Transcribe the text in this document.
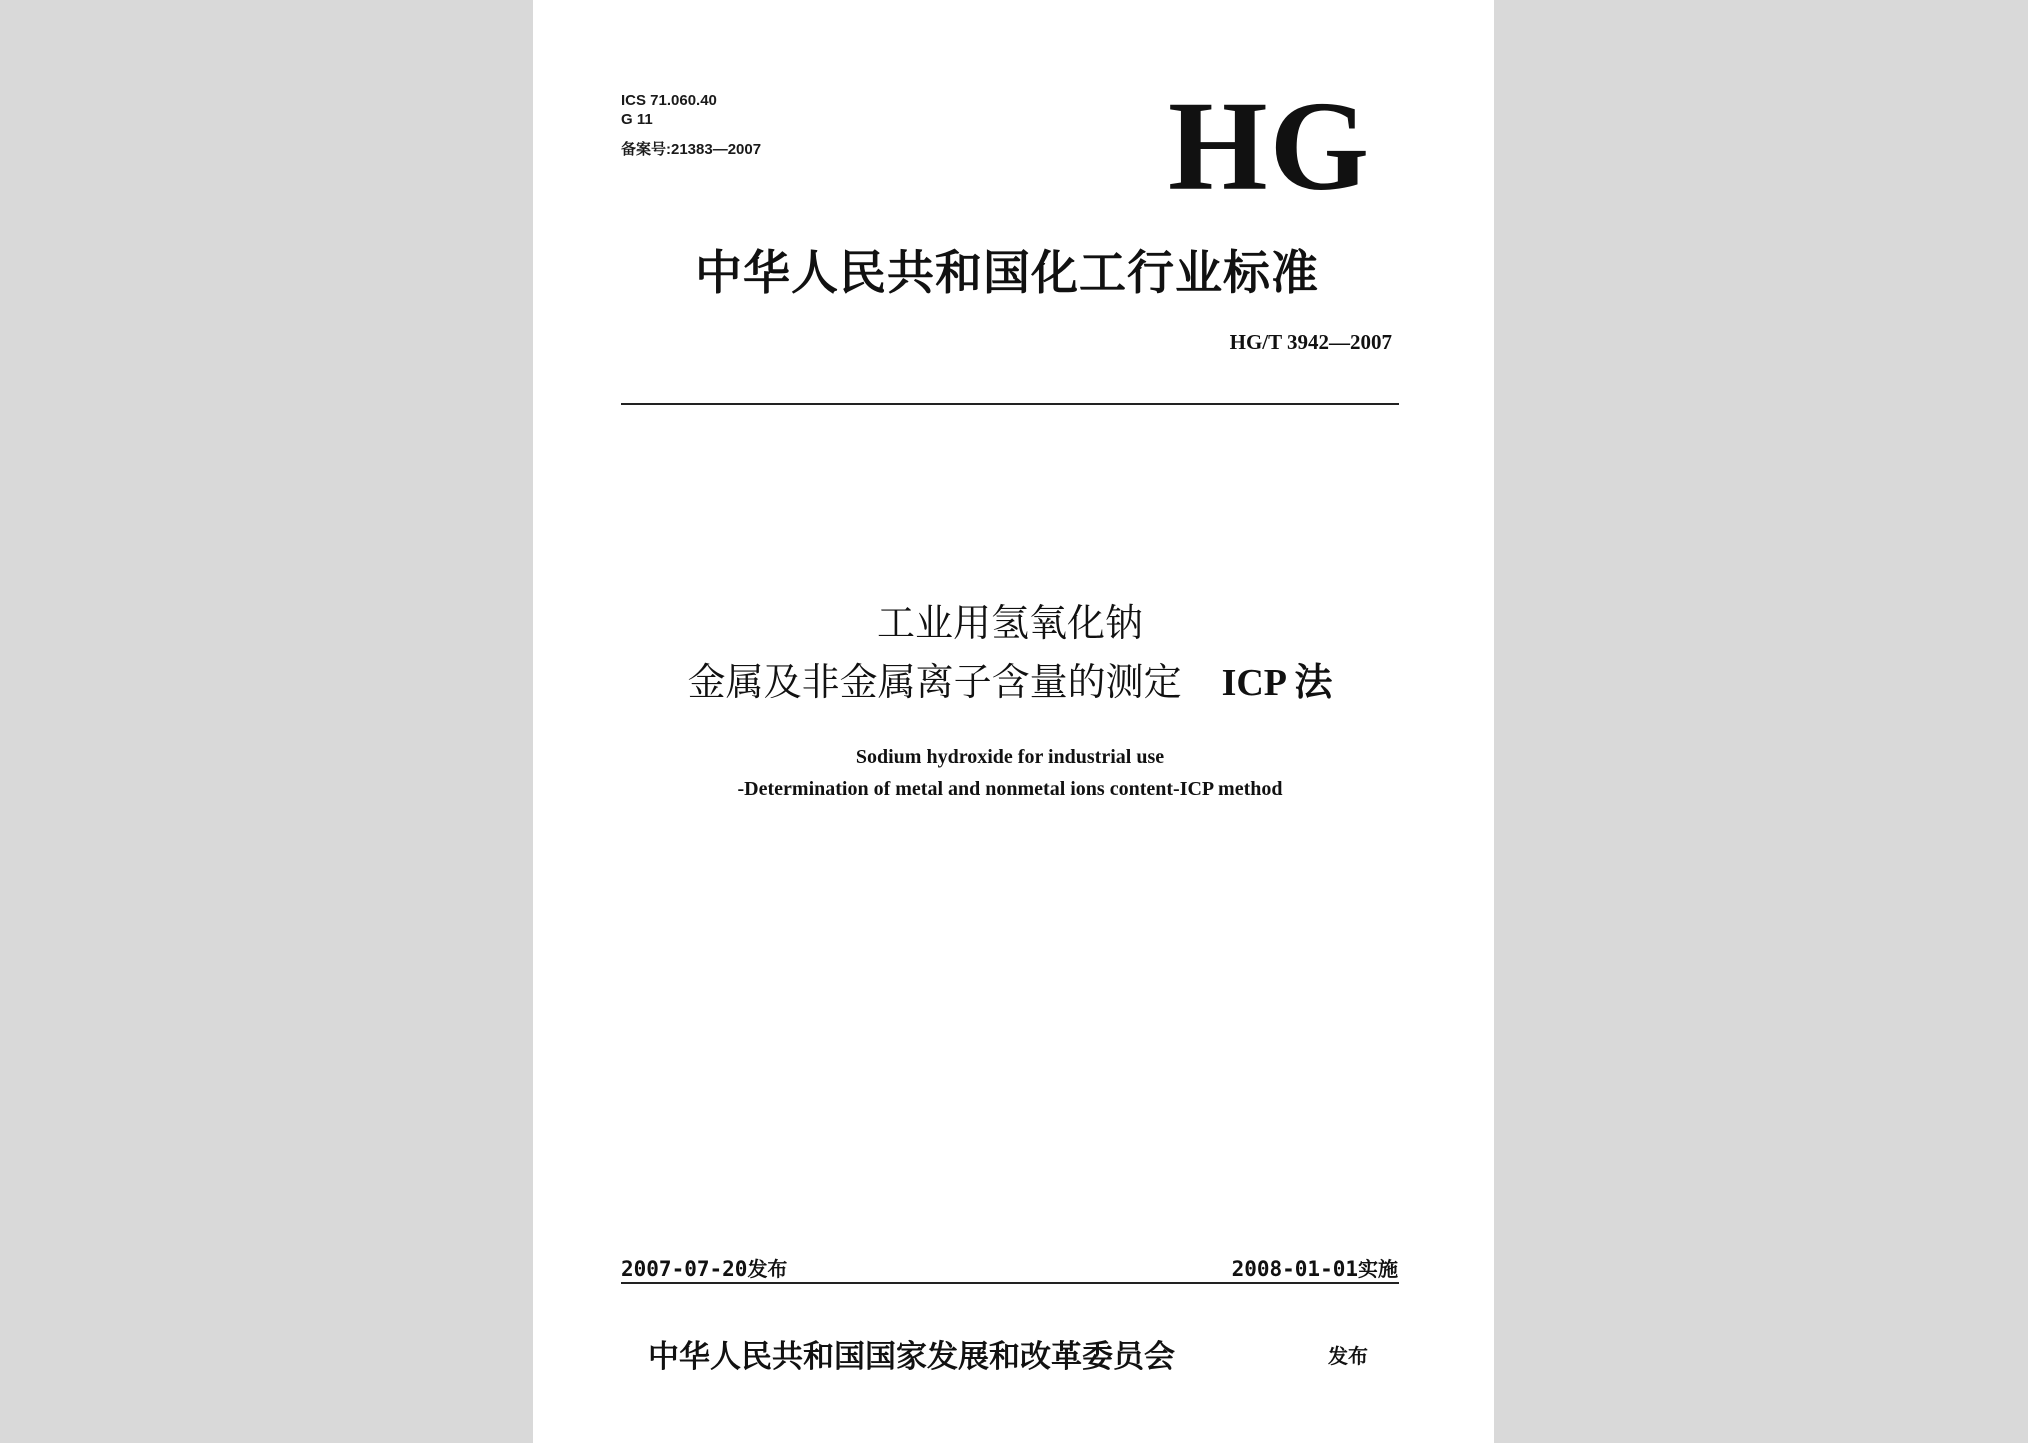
ICS 71.060.40
G 11
备案号:21383—2007	HG
中华人民共和国化工行业标准
HG/T 3942—2007
工业用氢氧化钠
金属及非金属离子含量的测定 ICP 法
Sodium hydroxide for industrial use
-Determination of metal and nonmetal ions content-ICP method
2007-07-20发布	2008-01-01实施
中华人民共和国国家发展和改革委员会	发布
